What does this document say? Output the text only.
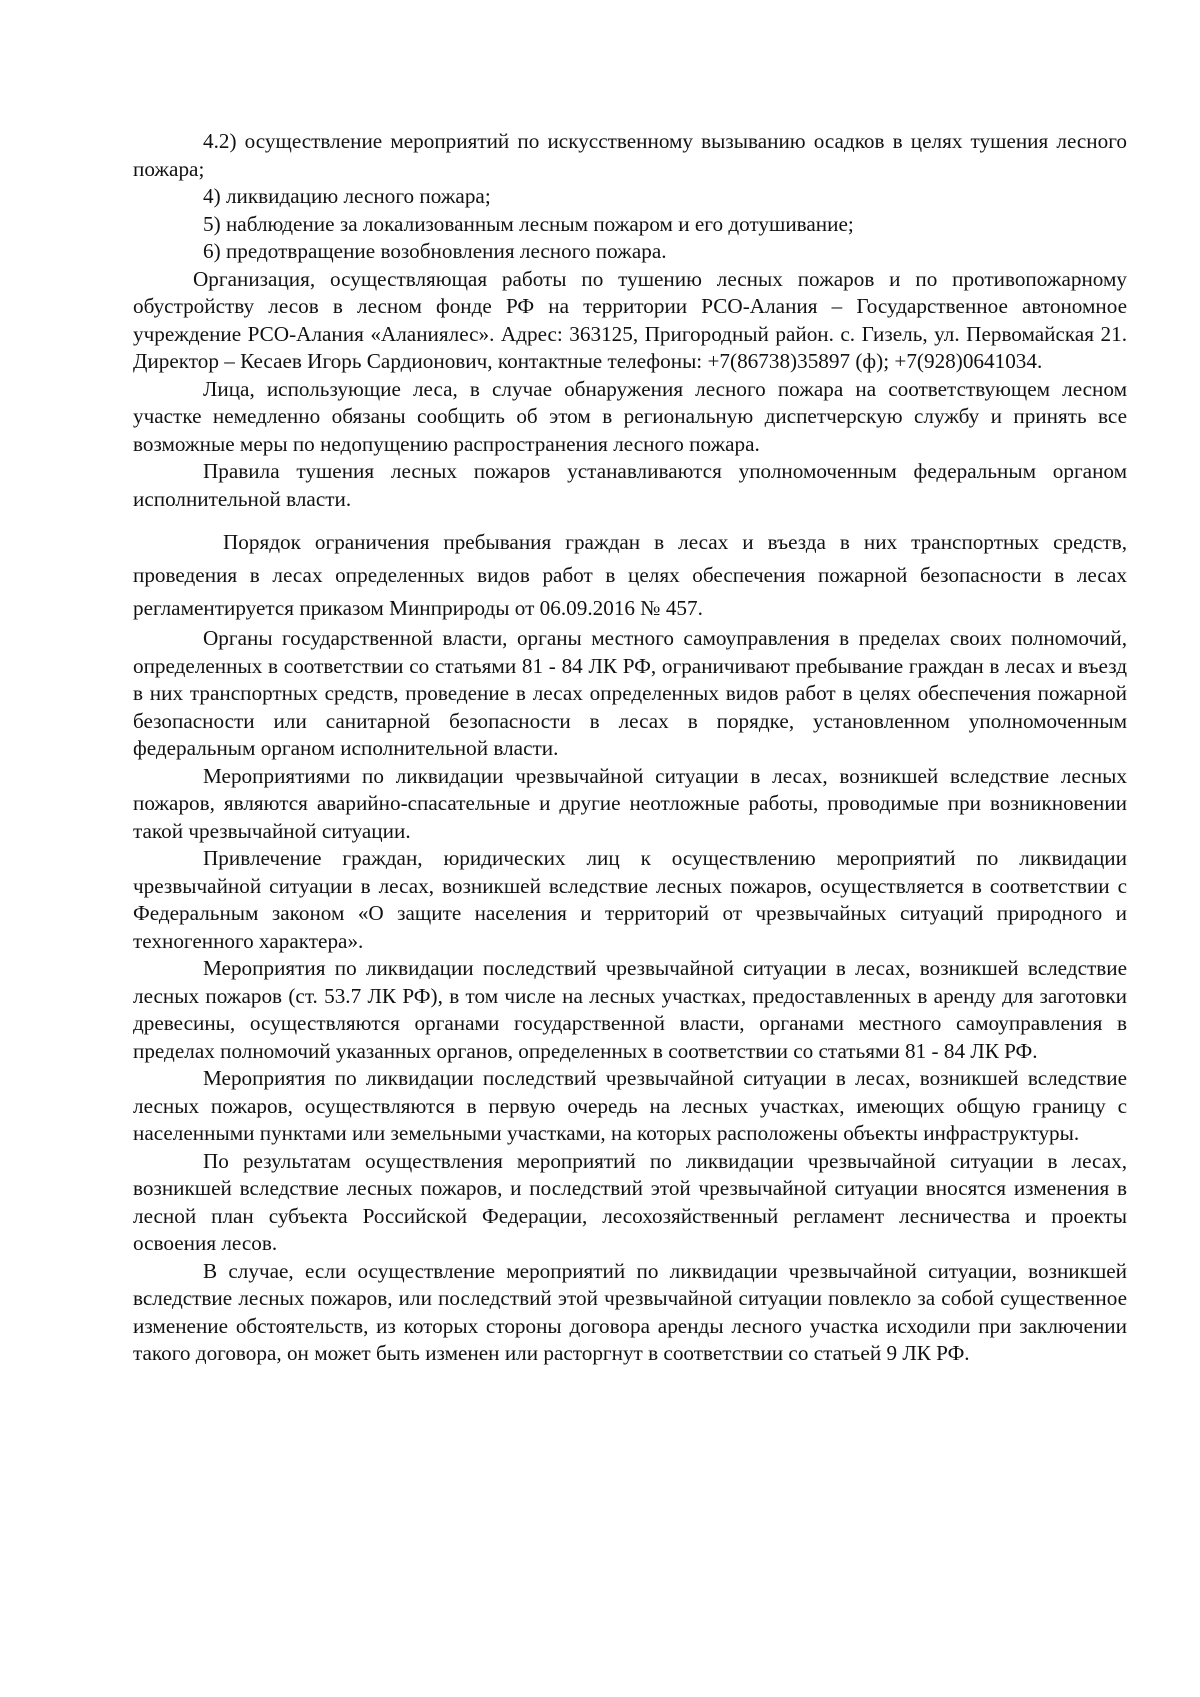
4.2) осуществление мероприятий по искусственному вызыванию осадков в целях тушения лесного пожара;

4) ликвидацию лесного пожара;

5) наблюдение за локализованным лесным пожаром и его дотушивание;

6) предотвращение возобновления лесного пожара.

Организация, осуществляющая работы по тушению лесных пожаров и по противопожарному обустройству лесов в лесном фонде РФ на территории РСО-Алания – Государственное автономное учреждение РСО-Алания «Аланиялес». Адрес: 363125, Пригородный район. с. Гизель, ул. Первомайская 21. Директор – Кесаев Игорь Сардионович, контактные телефоны: +7(86738)35897 (ф); +7(928)0641034.

Лица, использующие леса, в случае обнаружения лесного пожара на соответствующем лесном участке немедленно обязаны сообщить об этом в региональную диспетчерскую службу и принять все возможные меры по недопущению распространения лесного пожара.

Правила тушения лесных пожаров устанавливаются уполномоченным федеральным органом исполнительной власти.

Порядок ограничения пребывания граждан в лесах и въезда в них транспортных средств, проведения в лесах определенных видов работ в целях обеспечения пожарной безопасности в лесах регламентируется приказом Минприроды от 06.09.2016 № 457.

Органы государственной власти, органы местного самоуправления в пределах своих полномочий, определенных в соответствии со статьями 81 - 84 ЛК РФ, ограничивают пребывание граждан в лесах и въезд в них транспортных средств, проведение в лесах определенных видов работ в целях обеспечения пожарной безопасности или санитарной безопасности в лесах в порядке, установленном уполномоченным федеральным органом исполнительной власти.

Мероприятиями по ликвидации чрезвычайной ситуации в лесах, возникшей вследствие лесных пожаров, являются аварийно-спасательные и другие неотложные работы, проводимые при возникновении такой чрезвычайной ситуации.

Привлечение граждан, юридических лиц к осуществлению мероприятий по ликвидации чрезвычайной ситуации в лесах, возникшей вследствие лесных пожаров, осуществляется в соответствии с Федеральным законом «О защите населения и территорий от чрезвычайных ситуаций природного и техногенного характера».

Мероприятия по ликвидации последствий чрезвычайной ситуации в лесах, возникшей вследствие лесных пожаров (ст. 53.7 ЛК РФ), в том числе на лесных участках, предоставленных в аренду для заготовки древесины, осуществляются органами государственной власти, органами местного самоуправления в пределах полномочий указанных органов, определенных в соответствии со статьями 81 - 84 ЛК РФ.

Мероприятия по ликвидации последствий чрезвычайной ситуации в лесах, возникшей вследствие лесных пожаров, осуществляются в первую очередь на лесных участках, имеющих общую границу с населенными пунктами или земельными участками, на которых расположены объекты инфраструктуры.

По результатам осуществления мероприятий по ликвидации чрезвычайной ситуации в лесах, возникшей вследствие лесных пожаров, и последствий этой чрезвычайной ситуации вносятся изменения в лесной план субъекта Российской Федерации, лесохозяйственный регламент лесничества и проекты освоения лесов.

В случае, если осуществление мероприятий по ликвидации чрезвычайной ситуации, возникшей вследствие лесных пожаров, или последствий этой чрезвычайной ситуации повлекло за собой существенное изменение обстоятельств, из которых стороны договора аренды лесного участка исходили при заключении такого договора, он может быть изменен или расторгнут в соответствии со статьей 9 ЛК РФ.
